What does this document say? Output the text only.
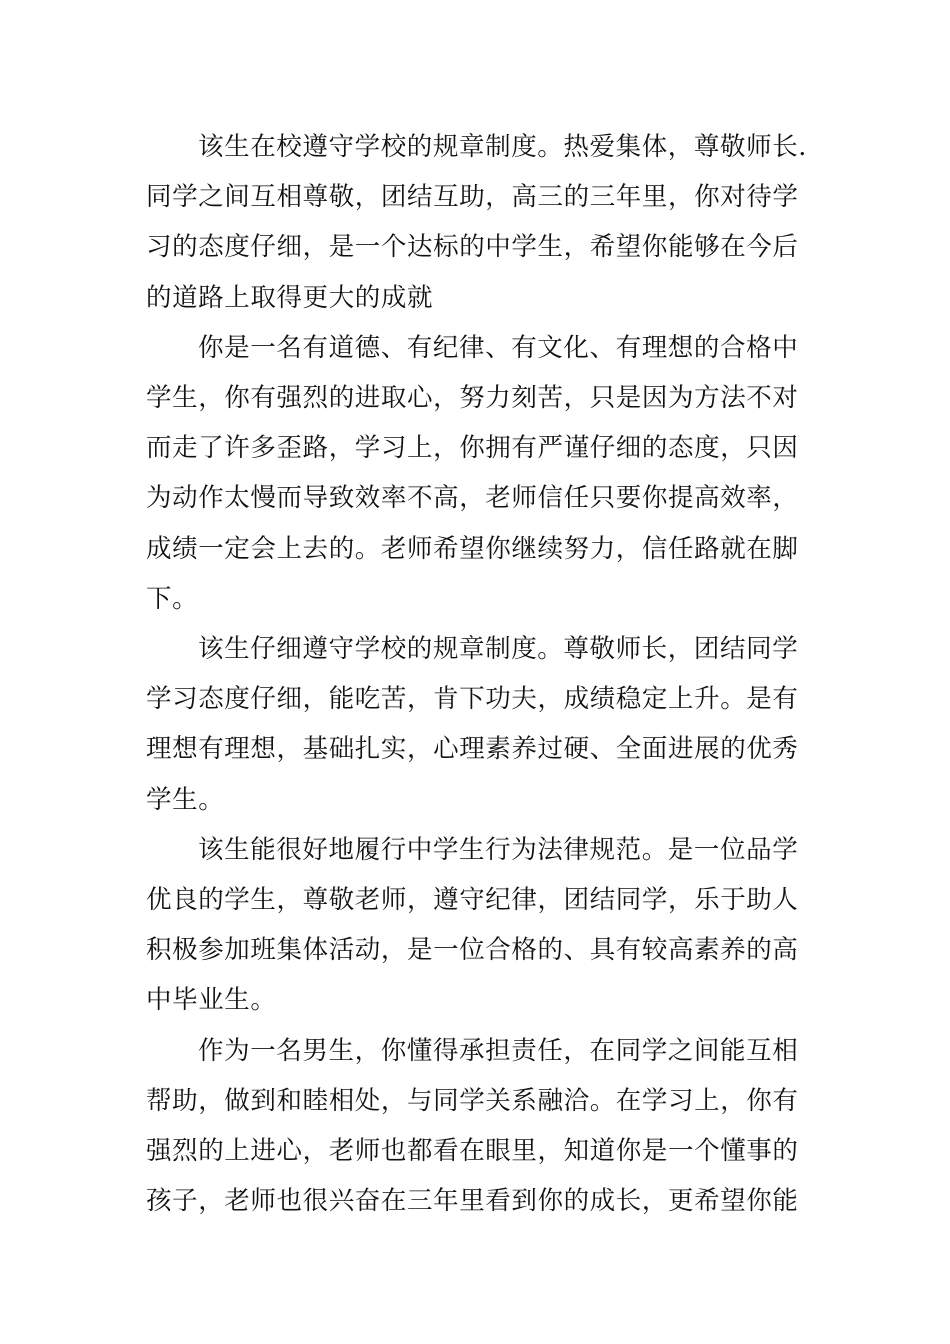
该生在校遵守学校的规章制度。热爱集体，尊敬师长.
同学之间互相尊敬，团结互助，高三的三年里，你对待学
习的态度仔细，是一个达标的中学生，希望你能够在今后
的道路上取得更大的成就

你是一名有道德、有纪律、有文化、有理想的合格中
学生，你有强烈的进取心，努力刻苦，只是因为方法不对
而走了许多歪路，学习上，你拥有严谨仔细的态度，只因
为动作太慢而导致效率不高，老师信任只要你提高效率，
成绩一定会上去的。老师希望你继续努力，信任路就在脚
下。

该生仔细遵守学校的规章制度。尊敬师长，团结同学
学习态度仔细，能吃苦，肯下功夫，成绩稳定上升。是有
理想有理想，基础扎实，心理素养过硬、全面进展的优秀
学生。

该生能很好地履行中学生行为法律规范。是一位品学
优良的学生，尊敬老师，遵守纪律，团结同学，乐于助人
积极参加班集体活动，是一位合格的、具有较高素养的高
中毕业生。

作为一名男生，你懂得承担责任，在同学之间能互相
帮助，做到和睦相处，与同学关系融洽。在学习上，你有
强烈的上进心，老师也都看在眼里，知道你是一个懂事的
孩子，老师也很兴奋在三年里看到你的成长，更希望你能
